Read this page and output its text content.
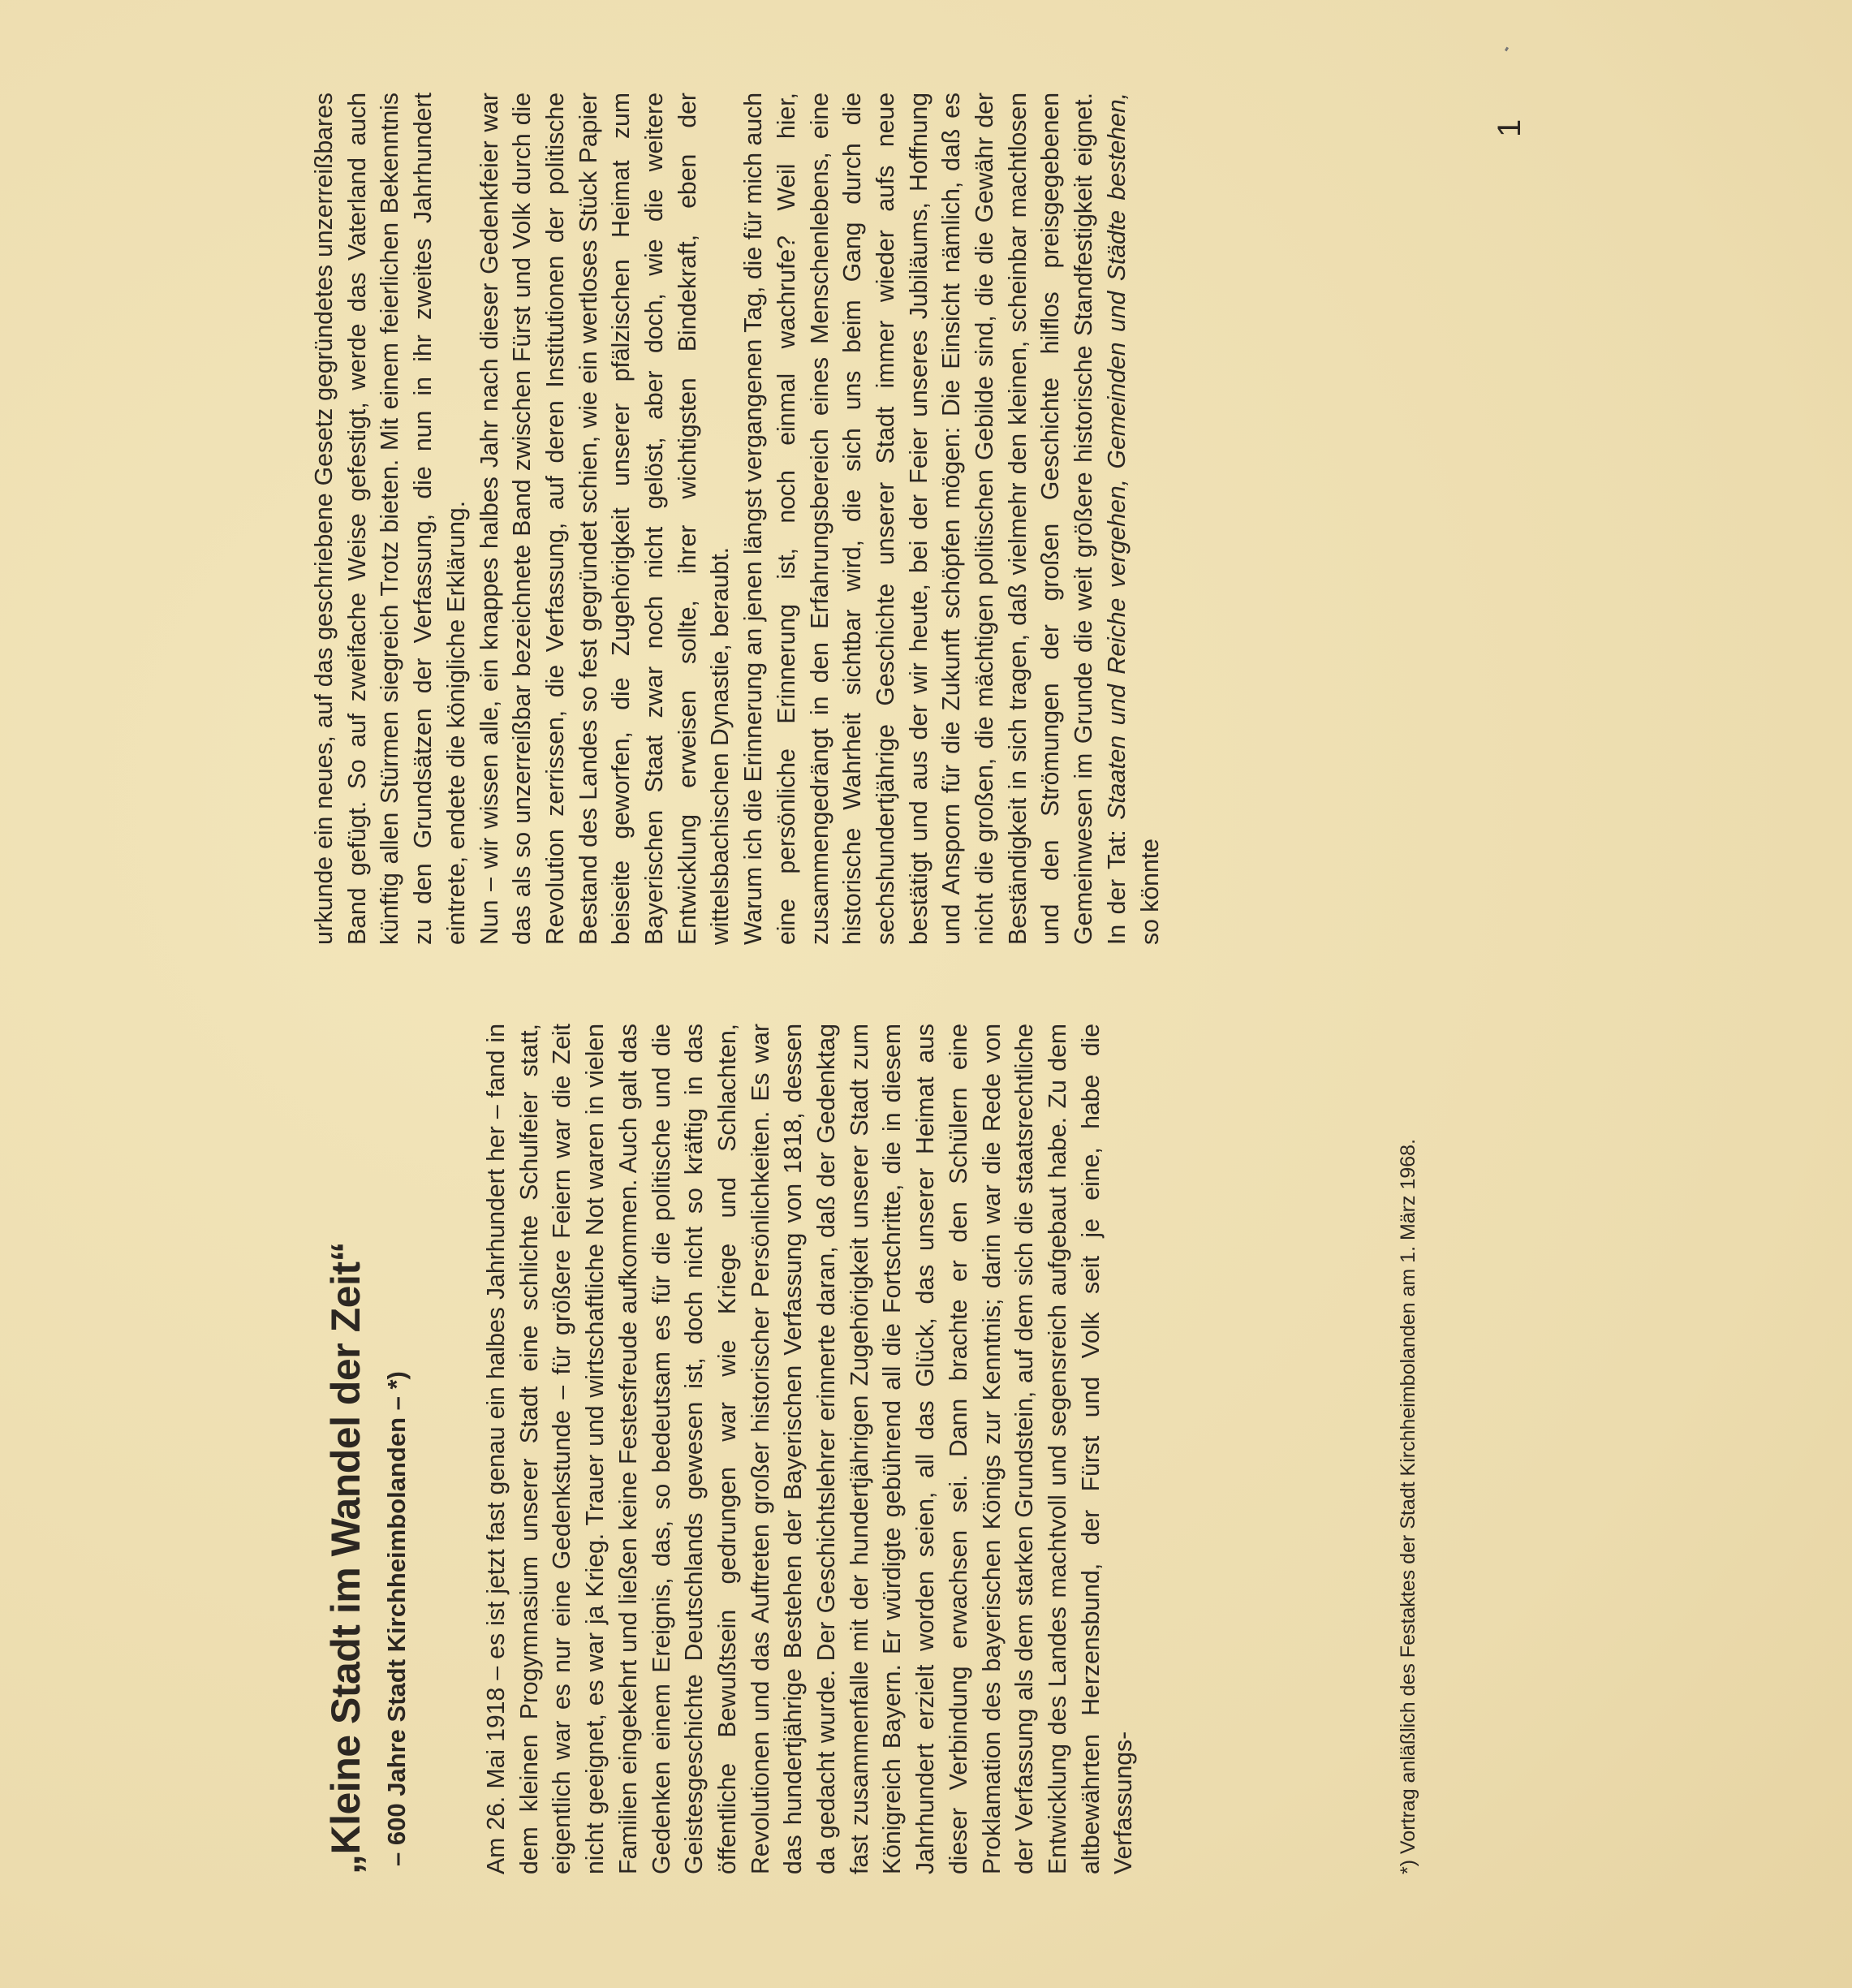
„Kleine Stadt im Wandel der Zeit“ – 600 Jahre Stadt Kirchheimbolanden – *)	Am 26. Mai 1918 – es ist jetzt fast genau ein halbes Jahrhundert her – fand in dem kleinen Progymnasium unserer Stadt eine schlichte Schulfeier statt, eigentlich war es nur eine Gedenkstunde – für größere Feiern war die Zeit nicht geeignet, es war ja Krieg. Trauer und wirtschaftliche Not waren in vielen Familien eingekehrt und ließen keine Festesfreude aufkommen. Auch galt das Gedenken einem Ereignis, das, so bedeutsam es für die politische und die Geistesgeschichte Deutschlands gewesen ist, doch nicht so kräftig in das öffentliche Bewußtsein gedrungen war wie Kriege und Schlachten, Revolutionen und das Auftreten großer historischer Persönlichkeiten. Es war das hundertjährige Bestehen der Bayerischen Verfassung von 1818, dessen da gedacht wurde. Der Geschichtslehrer erinnerte daran, daß der Gedenktag fast zusammenfalle mit der hundertjährigen Zugehörigkeit unserer Stadt zum Königreich Bayern. Er würdigte gebührend all die Fortschritte, die in diesem Jahrhundert erzielt worden seien, all das Glück, das unserer Heimat aus dieser Verbindung erwachsen sei. Dann brachte er den Schülern eine Proklamation des bayerischen Königs zur Kenntnis; darin war die Rede von der Verfassung als dem starken Grundstein, auf dem sich die staatsrechtliche Entwicklung des Landes machtvoll und segensreich aufgebaut habe. Zu dem altbewährten Herzensbund, der Fürst und Volk seit je eine, habe die Verfassungs-	*) Vortrag anläßlich des Festaktes der Stadt Kirchheimbolanden am 1. März 1968.

urkunde ein neues, auf das geschriebene Gesetz gegründetes unzerreißbares Band gefügt. So auf zweifache Weise gefestigt, werde das Vaterland auch künftig allen Stürmen siegreich Trotz bieten. Mit einem feierlichen Bekenntnis zu den Grundsätzen der Verfassung, die nun in ihr zweites Jahrhundert eintrete, endete die königliche Erklärung. Nun – wir wissen alle, ein knappes halbes Jahr nach dieser Gedenkfeier war das als so unzerreißbar bezeichnete Band zwischen Fürst und Volk durch die Revolution zerrissen, die Verfassung, auf deren Institutionen der politische Bestand des Landes so fest gegründet schien, wie ein wertloses Stück Papier beiseite geworfen, die Zugehörigkeit unserer pfälzischen Heimat zum Bayerischen Staat zwar noch nicht gelöst, aber doch, wie die weitere Entwicklung erweisen sollte, ihrer wichtigsten Bindekraft, eben der wittelsbachischen Dynastie, beraubt. Warum ich die Erinnerung an jenen längst vergangenen Tag, die für mich auch eine persönliche Erinnerung ist, noch einmal wachrufe? Weil hier, zusammengedrängt in den Erfahrungsbereich eines Menschenlebens, eine historische Wahrheit sichtbar wird, die sich uns beim Gang durch die sechshundertjährige Geschichte unserer Stadt immer wieder aufs neue bestätigt und aus der wir heute, bei der Feier unseres Jubiläums, Hoffnung und Ansporn für die Zukunft schöpfen mögen: Die Einsicht nämlich, daß es nicht die großen, die mächtigen politischen Gebilde sind, die die Gewähr der Beständigkeit in sich tragen, daß vielmehr den kleinen, scheinbar machtlosen und den Strömungen der großen Geschichte hilflos preisgegebenen Gemeinwesen im Grunde die weit größere historische Standfestigkeit eignet. In der Tat: Staaten und Reiche vergehen, Gemeinden und Städte bestehen, so könnte

1
